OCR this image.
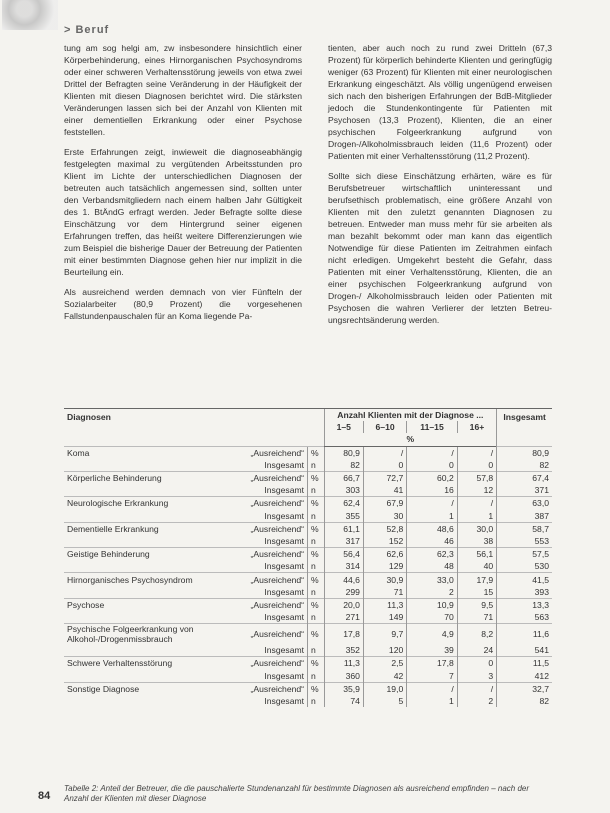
> Beruf

tung am sog helgi am, zw insbesondere hinsichtlich einer Körperbehinderung, eines Hirnorganischen Psychosyndroms oder einer schweren Verhaltensstörung jeweils von etwa zwei Drittel der Befragten seine Veränderung in der Häufigkeit der Klienten mit diesen Diagnosen berichtet wird. Die stärksten Veränderungen lassen sich bei der Anzahl von Klienten mit einer dementiellen Erkrankung oder einer Psychose feststellen.

Erste Erfahrungen zeigt, inwieweit die diagnoseabhängig festgelegten maximal zu vergütenden Arbeitsstunden pro Klient im Lichte der unterschiedlichen Diagnosen der betreuten auch tatsächlich angemessen sind, sollten unter den Verbandsmitgliedern nach einem halben Jahr Gültigkeit des 1. BtÄndG erfragt werden. Jeder Befragte sollte diese Einschätzung vor dem Hintergrund seiner eigenen Erfahrungen treffen, das heißt weitere Differenzierungen wie zum Beispiel die bisherige Dauer der Betreuung der Patienten mit einer bestimmten Diagnose gehen hier nur implizit in die Beurteilung ein.

Als ausreichend werden demnach von vier Fünfteln der Sozialarbeiter (80,9 Prozent) die vorgesehenen Fallstundenpauschalen für an Koma liegende Pa-

tienten, aber auch noch zu rund zwei Dritteln (67,3 Prozent) für körperlich behinderte Klienten und geringfügig weniger (63 Prozent) für Klienten mit einer neurologischen Erkrankung eingeschätzt. Als völlig ungenügend erweisen sich nach den bisherigen Erfahrungen der BdB-Mitglieder jedoch die Stundenkontingente für Patienten mit Psychosen (13,3 Prozent), Klienten, die an einer psychischen Folgeerkrankung aufgrund von Drogen-/Alkoholmissbrauch leiden (11,6 Prozent) oder Patienten mit einer Verhaltensstörung (11,2 Prozent).

Sollte sich diese Einschätzung erhärten, wäre es für Berufsbetreuer wirtschaftlich uninteressant und berufsethisch problematisch, eine größere Anzahl von Klienten mit den zuletzt genannten Diagnosen zu betreuen. Entweder man muss mehr für sie arbeiten als man bezahlt bekommt oder man kann das eigentlich Notwendige für diese Patienten im Zeitrahmen einfach nicht erledigen. Umgekehrt besteht die Gefahr, dass Patienten mit einer Verhaltensstörung, Klienten, die an einer psychischen Folgeerkrankung aufgrund von Drogen-/ Alkoholmissbrauch leiden oder Patienten mit Psychosen die wahren Verlierer der letzten Betreuungsrechtsänderung werden.

Diagnosen			Anzahl Klienten mit der Diagnose ...				Insgesamt
			1–5	6–10	11–15	16+	
			%				
Koma	„Ausreichend“	%	80,9	/	/	/	80,9
	Insgesamt	n	82	0	0	0	82
Körperliche Behinderung	„Ausreichend“	%	66,7	72,7	60,2	57,8	67,4
	Insgesamt	n	303	41	16	12	371
Neurologische Erkrankung	„Ausreichend“	%	62,4	67,9	/	/	63,0
	Insgesamt	n	355	30	1	1	387
Dementielle Erkrankung	„Ausreichend“	%	61,1	52,8	48,6	30,0	58,7
	Insgesamt	n	317	152	46	38	553
Geistige Behinderung	„Ausreichend“	%	56,4	62,6	62,3	56,1	57,5
	Insgesamt	n	314	129	48	40	530
Hirnorganisches Psychosyndrom	„Ausreichend“	%	44,6	30,9	33,0	17,9	41,5
	Insgesamt	n	299	71	2	15	393
Psychose	„Ausreichend“	%	20,0	11,3	10,9	9,5	13,3
	Insgesamt	n	271	149	70	71	563
Psychische Folgeerkrankung von Alkohol-/Drogenmissbrauch	„Ausreichend“	%	17,8	9,7	4,9	8,2	11,6
	Insgesamt	n	352	120	39	24	541
Schwere Verhaltensstörung	„Ausreichend“	%	11,3	2,5	17,8	0	11,5
	Insgesamt	n	360	42	7	3	412
Sonstige Diagnose	„Ausreichend“	%	35,9	19,0	/	/	32,7
	Insgesamt	n	74	5	1	2	82
84
Tabelle 2: Anteil der Betreuer, die die pauschalierte Stundenanzahl für bestimmte Diagnosen als ausreichend empfinden – nach der Anzahl der Klienten mit dieser Diagnose
